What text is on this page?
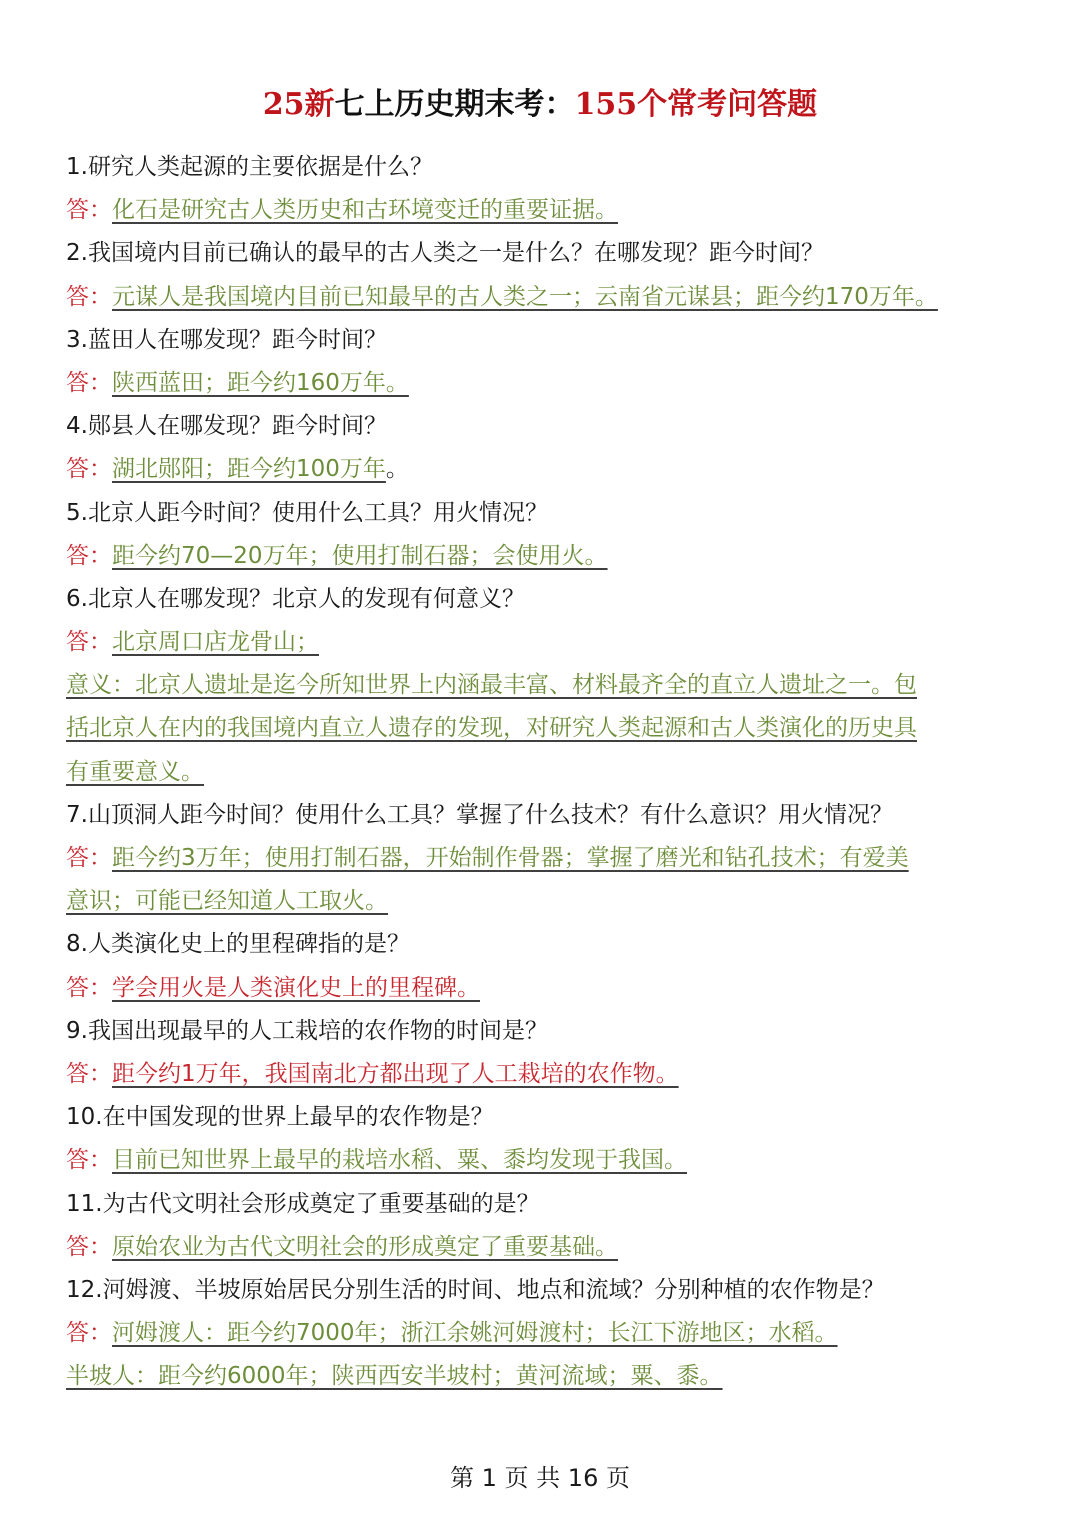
25新七上历史期末考：155个常考问答题
1.研究人类起源的主要依据是什么？
答：化石是研究古人类历史和古环境变迁的重要证据。
2.我国境内目前已确认的最早的古人类之一是什么？在哪发现？距今时间？
答：元谋人是我国境内目前已知最早的古人类之一；云南省元谋县；距今约170万年。
3.蓝田人在哪发现？距今时间？
答：陕西蓝田；距今约160万年。
4.郧县人在哪发现？距今时间？
答：湖北郧阳；距今约100万年。
5.北京人距今时间？使用什么工具？用火情况？
答：距今约70—20万年；使用打制石器；会使用火。
6.北京人在哪发现？北京人的发现有何意义？
答：北京周口店龙骨山；
意义：北京人遗址是迄今所知世界上内涵最丰富、材料最齐全的直立人遗址之一。包
括北京人在内的我国境内直立人遗存的发现，对研究人类起源和古人类演化的历史具
有重要意义。
7.山顶洞人距今时间？使用什么工具？掌握了什么技术？有什么意识？用火情况？
答：距今约3万年；使用打制石器，开始制作骨器；掌握了磨光和钻孔技术；有爱美
意识；可能已经知道人工取火。
8.人类演化史上的里程碑指的是？
答：学会用火是人类演化史上的里程碑。
9.我国出现最早的人工栽培的农作物的时间是？
答：距今约1万年，我国南北方都出现了人工栽培的农作物。
10.在中国发现的世界上最早的农作物是？
答：目前已知世界上最早的栽培水稻、粟、黍均发现于我国。
11.为古代文明社会形成奠定了重要基础的是？
答：原始农业为古代文明社会的形成奠定了重要基础。
12.河姆渡、半坡原始居民分别生活的时间、地点和流域？分别种植的农作物是？
答：河姆渡人：距今约7000年；浙江余姚河姆渡村；长江下游地区；水稻。
半坡人：距今约6000年；陕西西安半坡村；黄河流域；粟、黍。
第 1 页 共 16 页
